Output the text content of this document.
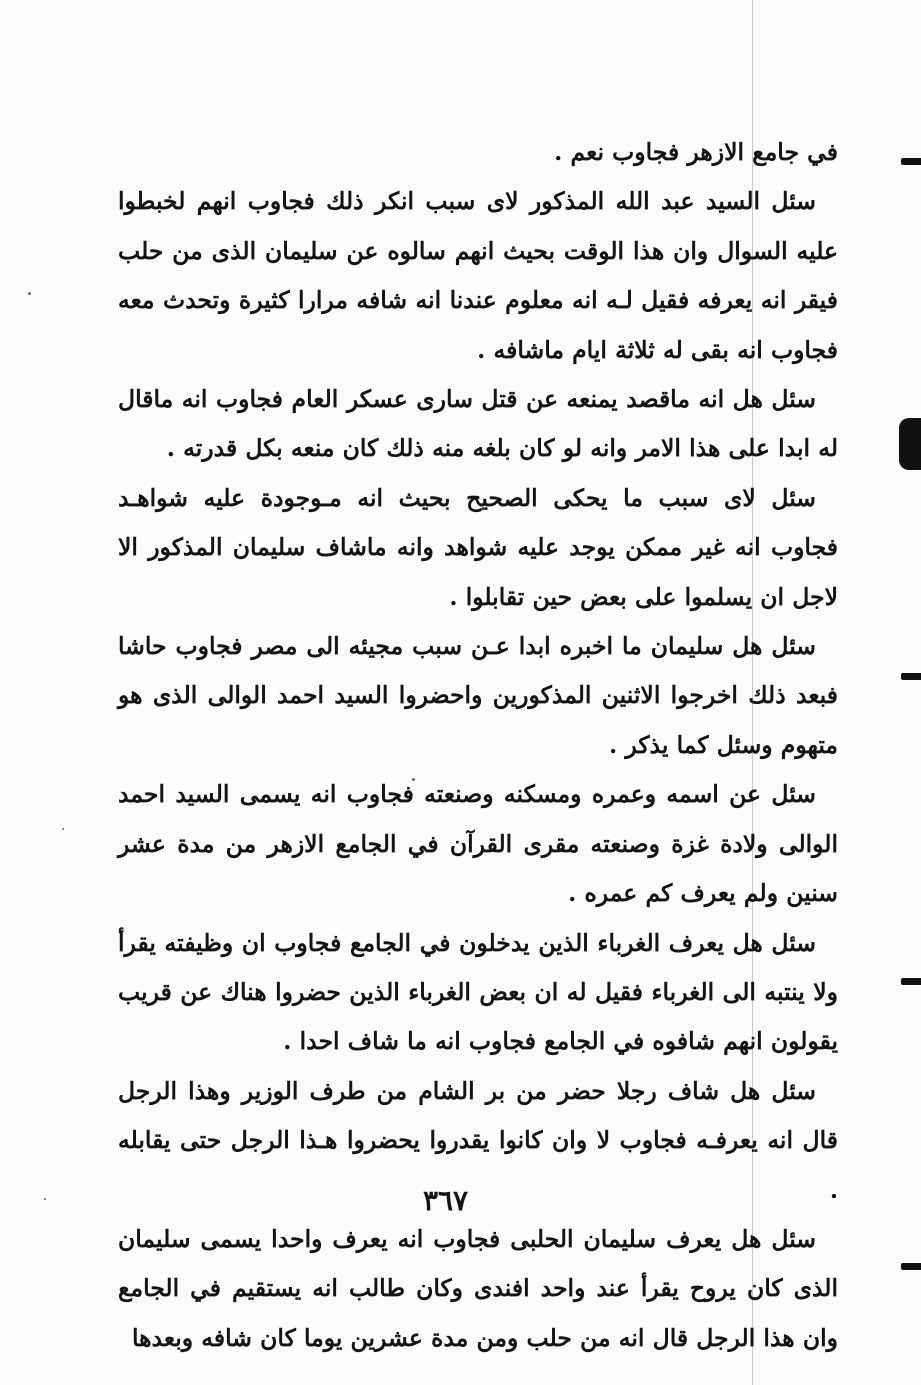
في جامع الازهر فجاوب نعم .

سئل السيد عبد الله المذكور لاى سبب انكر ذلك فجاوب انهم لخبطوا عليه السوال وان هذا الوقت بحيث انهم سالوه عن سليمان الذى من حلب فيقر انه يعرفه فقيل لـه انه معلوم عندنا انه شافه مرارا كثيرة وتحدث معه فجاوب انه بقى له ثلاثة ايام ماشافه .

سئل هل انه ماقصد يمنعه عن قتل سارى عسكر العام فجاوب انه ماقال له ابدا على هذا الامر وانه لو كان بلغه منه ذلك كان منعه بكل قدرته .

سئل لاى سبب ما يحكى الصحيح بحيث انه مـوجودة عليه شواهـد فجاوب انه غير ممكن يوجد عليه شواهد وانه ماشاف سليمان المذكور الا لاجل ان يسلموا على بعض حين تقابلوا .

سئل هل سليمان ما اخبره ابدا عـن سبب مجيئه الى مصر فجاوب حاشا فبعد ذلك اخرجوا الاثنين المذكورين واحضروا السيد احمد الوالى الذى هو متهوم وسئل كما يذكر .

سئل عن اسمه وعمره ومسكنه وصنعته فجاوب انه يسمى السيد احمد الوالى ولادة غزة وصنعته مقرى القرآن في الجامع الازهر من مدة عشر سنين ولم يعرف كم عمره .

سئل هل يعرف الغرباء الذين يدخلون في الجامع فجاوب ان وظيفته يقرأ ولا ينتبه الى الغرباء فقيل له ان بعض الغرباء الذين حضروا هناك عن قريب يقولون انهم شافوه في الجامع فجاوب انه ما شاف احدا .

سئل هل شاف رجلا حضر من بر الشام من طرف الوزير وهذا الرجل قال انه يعرفـه فجاوب لا وان كانوا يقدروا يحضروا هـذا الرجل حتى يقابله .

سئل هل يعرف سليمان الحلبى فجاوب انه يعرف واحدا يسمى سليمان الذى كان يروح يقرأ عند واحد افندى وكان طالب انه يستقيم في الجامع وان هذا الرجل قال انه من حلب ومن مدة عشرين يوما كان شافه وبعدها

٣٦٧
